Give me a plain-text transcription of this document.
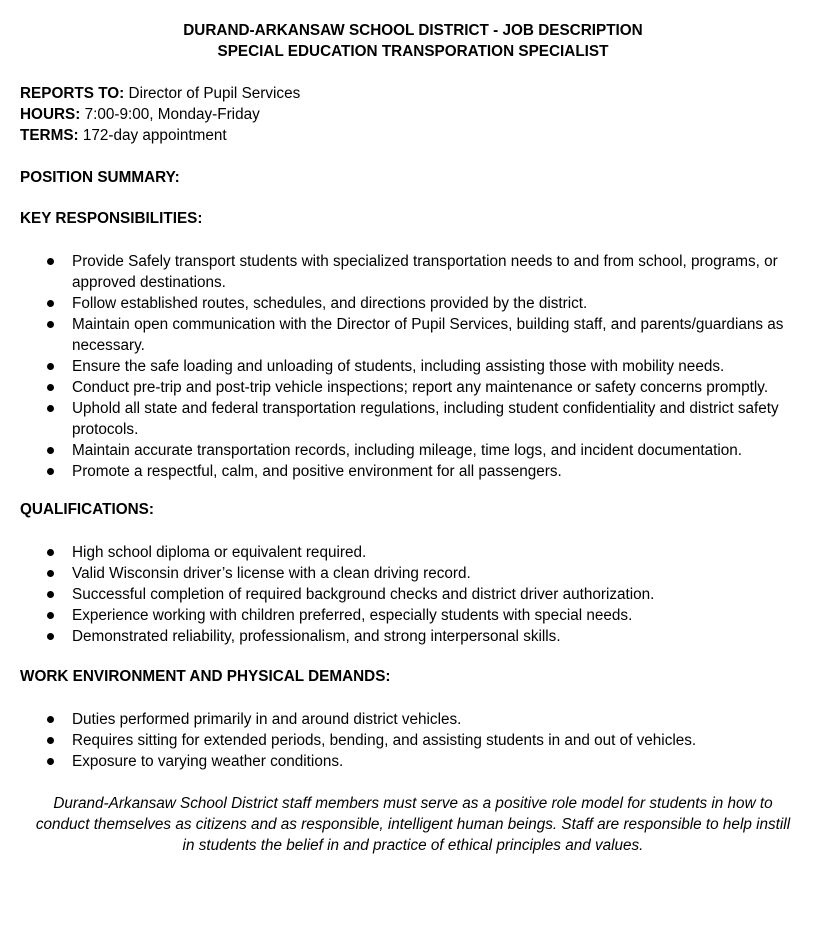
DURAND-ARKANSAW SCHOOL DISTRICT - JOB DESCRIPTION
SPECIAL EDUCATION TRANSPORATION SPECIALIST
REPORTS TO: Director of Pupil Services
HOURS: 7:00-9:00, Monday-Friday
TERMS: 172-day appointment
POSITION SUMMARY:
KEY RESPONSIBILITIES:
Provide Safely transport students with specialized transportation needs to and from school, programs, or approved destinations.
Follow established routes, schedules, and directions provided by the district.
Maintain open communication with the Director of Pupil Services, building staff, and parents/guardians as necessary.
Ensure the safe loading and unloading of students, including assisting those with mobility needs.
Conduct pre-trip and post-trip vehicle inspections; report any maintenance or safety concerns promptly.
Uphold all state and federal transportation regulations, including student confidentiality and district safety protocols.
Maintain accurate transportation records, including mileage, time logs, and incident documentation.
Promote a respectful, calm, and positive environment for all passengers.
QUALIFICATIONS:
High school diploma or equivalent required.
Valid Wisconsin driver’s license with a clean driving record.
Successful completion of required background checks and district driver authorization.
Experience working with children preferred, especially students with special needs.
Demonstrated reliability, professionalism, and strong interpersonal skills.
WORK ENVIRONMENT AND PHYSICAL DEMANDS:
Duties performed primarily in and around district vehicles.
Requires sitting for extended periods, bending, and assisting students in and out of vehicles.
Exposure to varying weather conditions.
Durand-Arkansaw School District staff members must serve as a positive role model for students in how to conduct themselves as citizens and as responsible, intelligent human beings. Staff are responsible to help instill in students the belief in and practice of ethical principles and values.
